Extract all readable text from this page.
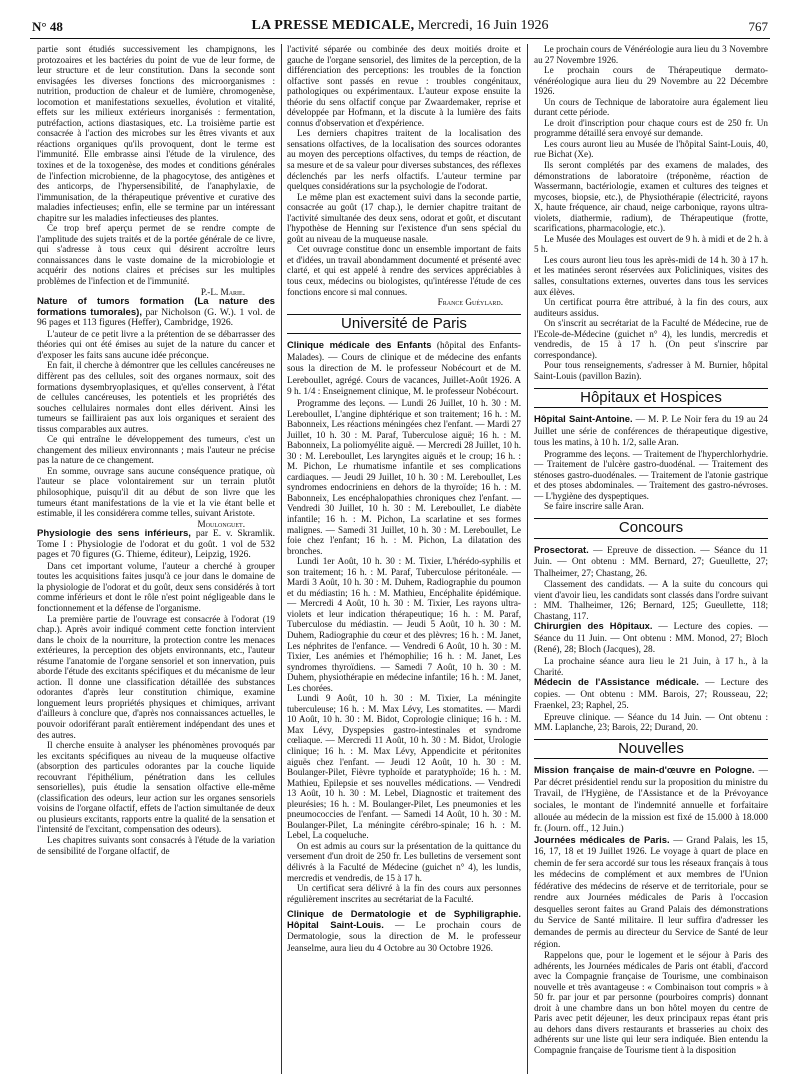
N° 48	LA PRESSE MEDICALE, Mercredi, 16 Juin 1926	767

partie sont étudiés successivement les champignons, les protozoaires et les bactéries du point de vue de leur forme, de leur structure et de leur constitution. Dans la seconde sont envisagées les diverses fonctions des microorganismes : nutrition, production de chaleur et de lumière, chromogenèse, locomotion et manifestations sexuelles, évolution et vitalité, effets sur les milieux extérieurs inorganisés : fermentation, putréfaction, actions diastasiques, etc. La troisième partie est consacrée à l'action des microbes sur les êtres vivants et aux réactions organiques qu'ils provoquent, dont le terme est l'immunité. Elle embrasse ainsi l'étude de la virulence, des toxines et de la toxogenèse, des modes et conditions générales de l'infection microbienne, de la phagocytose, des antigènes et des anticorps, de l'hypersensibilité, de l'anaphylaxie, de l'immunisation, de la thérapeutique préventive et curative des maladies infectieuses; enfin, elle se termine par un intéressant chapitre sur les maladies infectieuses des plantes.

Ce trop bref aperçu permet de se rendre compte de l'amplitude des sujets traités et de la portée générale de ce livre, qui s'adresse à tous ceux qui désirent accroître leurs connaissances dans le vaste domaine de la microbiologie et acquérir des notions claires et précises sur les multiples problèmes de l'infection et de l'immunité.

P.-L. Marie.

Nature of tumors formation (La nature des formations tumorales), par Nicholson (G. W.). 1 vol. de 96 pages et 113 figures (Heffer), Cambridge, 1926.

L'auteur de ce petit livre a la prétention de se débarrasser des théories qui ont été émises au sujet de la nature du cancer et d'exposer les faits sans aucune idée préconçue.

En fait, il cherche à démontrer que les cellules cancéreuses ne diffèrent pas des cellules, soit des organes normaux, soit des formations dysembryoplasiques, et qu'elles conservent, à l'état de cellules cancéreuses, les potentiels et les propriétés des souches cellulaires normales dont elles dérivent. Ainsi les tumeurs se failliraient pas aux lois organiques et seraient des tissus comparables aux autres.

Ce qui entraîne le développement des tumeurs, c'est un changement des milieux environnants ; mais l'auteur ne précise pas la nature de ce changement.

En somme, ouvrage sans aucune conséquence pratique, où l'auteur se place volontairement sur un terrain plutôt philosophique, puisqu'il dit au début de son livre que les tumeurs étant manifestations de la vie et la vie étant belle et estimable, il les considérera comme telles, suivant Aristote.

Moulonguet.

Physiologie des sens inférieurs, par E. v. Skramlik. Tome I : Physiologie de l'odorat et du goût. 1 vol de 532 pages et 70 figures (G. Thieme, éditeur), Leipzig, 1926.

Dans cet important volume, l'auteur a cherché à grouper toutes les acquisitions faites jusqu'à ce jour dans le domaine de la physiologie de l'odorat et du goût, deux sens considérés à tort comme inférieurs et dont le rôle n'est point négligeable dans le fonctionnement et la défense de l'organisme.

La première partie de l'ouvrage est consacrée à l'odorat (19 chap.). Après avoir indiqué comment cette fonction intervient dans le choix de la nourriture, la protection contre les menaces extérieures, la perception des objets environnants, etc., l'auteur résume l'anatomie de l'organe sensoriel et son innervation, puis aborde l'étude des excitants spécifiques et du mécanisme de leur action. Il donne une classification détaillée des substances odorantes d'après leur constitution chimique, examine longuement leurs propriétés physiques et chimiques, arrivant d'ailleurs à conclure que, d'après nos connaissances actuelles, le pouvoir odoriférant paraît entièrement indépendant des unes et des autres.

Il cherche ensuite à analyser les phénomènes provoqués par les excitants spécifiques au niveau de la muqueuse olfactive (absorption des particules odorantes par la couche liquide recouvrant l'épithélium, pénétration dans les cellules sensorielles), puis étudie la sensation olfactive elle-même (classification des odeurs, leur action sur les organes sensoriels voisins de l'organe olfactif, effets de l'action simultanée de deux ou plusieurs excitants, rapports entre la qualité de la sensation et l'intensité de l'excitant, compensation des odeurs).

Les chapitres suivants sont consacrés à l'étude de la variation de sensibilité de l'organe olfactif, de

l'activité séparée ou combinée des deux moitiés droite et gauche de l'organe sensoriel, des limites de la perception, de la différenciation des perceptions: les troubles de la fonction olfactive sont passés en revue : troubles congénitaux, pathologiques ou expérimentaux. L'auteur expose ensuite la théorie du sens olfactif conçue par Zwaardemaker, reprise et développée par Hofmann, et la discute à la lumière des faits connus d'observation et d'expérience.

Les derniers chapitres traitent de la localisation des sensations olfactives, de la localisation des sources odorantes au moyen des perceptions olfactives, du temps de réaction, de sa mesure et de sa valeur pour diverses substances, des réflexes déclenchés par les nerfs olfactifs. L'auteur termine par quelques considérations sur la psychologie de l'odorat.

Le même plan est exactement suivi dans la seconde partie, consacrée au goût (17 chap.), le dernier chapitre traitant de l'activité simultanée des deux sens, odorat et goût, et discutant l'hypothèse de Henning sur l'existence d'un sens spécial du goût au niveau de la muqueuse nasale.

Cet ouvrage constitue donc un ensemble important de faits et d'idées, un travail abondamment documenté et présenté avec clarté, et qui est appelé à rendre des services appréciables à tous ceux, médecins ou biologistes, qu'intéresse l'étude de ces fonctions encore si mal connues.

France Guéylard.

Université de Paris

Clinique médicale des Enfants (hôpital des Enfants-Malades). — Cours de clinique et de médecine des enfants sous la direction de M. le professeur Nobécourt et de M. Lereboullet, agrégé. Cours de vacances, Juillet-Août 1926. A 9 h. 1/4 : Enseignement clinique, M. le professeur Nobécourt.

Programme des leçons. — Lundi 26 Juillet, 10 h. 30 : M. Lereboullet, L'angine diphtérique et son traitement; 16 h. : M. Babonneix, Les réactions méningées chez l'enfant. — Mardi 27 Juillet, 10 h. 30 : M. Paraf, Tuberculose aiguë; 16 h. : M. Babonneix, La poliomyélite aiguë. — Mercredi 28 Juillet, 10 h. 30 : M. Lereboullet, Les laryngites aiguës et le croup; 16 h. : M. Pichon, Le rhumatisme infantile et ses complications cardiaques. — Jeudi 29 Juillet, 10 h. 30 : M. Lereboullet, Les syndromes endocriniens en dehors de la thyroïde; 16 h. : M. Babonneix, Les encéphalopathies chroniques chez l'enfant. — Vendredi 30 Juillet, 10 h. 30 : M. Lereboullet, Le diabète infantile; 16 h. : M. Pichon, La scarlatine et ses formes malignes. — Samedi 31 Juillet, 10 h. 30 : M. Lereboullet, Le foie chez l'enfant; 16 h. : M. Pichon, La dilatation des bronches.

Lundi 1er Août, 10 h. 30 : M. Tixier, L'hérédo-syphilis et son traitement; 16 h. : M. Paraf, Tuberculose péritonéale. — Mardi 3 Août, 10 h. 30 : M. Duhem, Radiographie du poumon et du médiastin; 16 h. : M. Mathieu, Encéphalite épidémique. — Mercredi 4 Août, 10 h. 30 : M. Tixier, Les rayons ultra-violets et leur indication thérapeutique; 16 h. : M. Paraf, Tuberculose du médiastin. — Jeudi 5 Août, 10 h. 30 : M. Duhem, Radiographie du cœur et des plèvres; 16 h. : M. Janet, Les néphrites de l'enfance. — Vendredi 6 Août, 10 h. 30 : M. Tixier, Les anémies et l'hémophilie; 16 h. : M. Janet, Les syndromes thyroïdiens. — Samedi 7 Août, 10 h. 30 : M. Duhem, physiothérapie en médecine infantile; 16 h. : M. Janet, Les chorées.

Lundi 9 Août, 10 h. 30 : M. Tixier, La méningite tuberculeuse; 16 h. : M. Max Lévy, Les stomatites. — Mardi 10 Août, 10 h. 30 : M. Bidot, Coprologie clinique; 16 h. : M. Max Lévy, Dyspepsies gastro-intestinales et syndrome cœliaque. — Mercredi 11 Août, 10 h. 30 : M. Bidot, Urologie clinique; 16 h. : M. Max Lévy, Appendicite et péritonites aiguës chez l'enfant. — Jeudi 12 Août, 10 h. 30 : M. Boulanger-Pilet, Fièvre typhoïde et paratyphoïde; 16 h. : M. Mathieu, Epilepsie et ses nouvelles médications. — Vendredi 13 Août, 10 h. 30 : M. Lebel, Diagnostic et traitement des pleurésies; 16 h. : M. Boulanger-Pilet, Les pneumonies et les pneumococcies de l'enfant. — Samedi 14 Août, 10 h. 30 : M. Boulanger-Pilet, La méningite cérébro-spinale; 16 h. : M. Lebel, La coqueluche.

On est admis au cours sur la présentation de la quittance du versement d'un droit de 250 fr. Les bulletins de versement sont délivrés à la Faculté de Médecine (guichet n° 4), les lundis, mercredis et vendredis, de 15 à 17 h.

Un certificat sera délivré à la fin des cours aux personnes régulièrement inscrites au secrétariat de la Faculté.

Clinique de Dermatologie et de Syphiligraphie. Hôpital Saint-Louis. — Le prochain cours de Dermatologie, sous la direction de M. le professeur Jeanselme, aura lieu du 4 Octobre au 30 Octobre 1926.

Le prochain cours de Vénéréologie aura lieu du 3 Novembre au 27 Novembre 1926.

Le prochain cours de Thérapeutique dermato-vénéréologique aura lieu du 29 Novembre au 22 Décembre 1926.

Un cours de Technique de laboratoire aura également lieu durant cette période.

Le droit d'inscription pour chaque cours est de 250 fr. Un programme détaillé sera envoyé sur demande.

Les cours auront lieu au Musée de l'hôpital Saint-Louis, 40, rue Bichat (Xe).

Ils seront complétés par des examens de malades, des démonstrations de laboratoire (tréponème, réaction de Wassermann, bactériologie, examen et cultures des teignes et mycoses, biopsie, etc.), de Physiothérapie (électricité, rayons X, haute fréquence, air chaud, neige carbonique, rayons ultra-violets, diathermie, radium), de Thérapeutique (frotte, scarifications, pharmacologie, etc.).

Le Musée des Moulages est ouvert de 9 h. à midi et de 2 h. à 5 h.

Les cours auront lieu tous les après-midi de 14 h. 30 à 17 h. et les matinées seront réservées aux Policliniques, visites des salles, consultations externes, ouvertes dans tous les services aux élèves.

Un certificat pourra être attribué, à la fin des cours, aux auditeurs assidus.

On s'inscrit au secrétariat de la Faculté de Médecine, rue de l'Ecole-de-Médecine (guichet n° 4), les lundis, mercredis et vendredis, de 15 à 17 h. (On peut s'inscrire par correspondance).

Pour tous renseignements, s'adresser à M. Burnier, hôpital Saint-Louis (pavillon Bazin).

Hôpitaux et Hospices

Hôpital Saint-Antoine. — M. P. Le Noir fera du 19 au 24 Juillet une série de conférences de thérapeutique digestive, tous les matins, à 10 h. 1/2, salle Aran.

Programme des leçons. — Traitement de l'hyperchlorhydrie. — Traitement de l'ulcère gastro-duodénal. — Traitement des sténoses gastro-duodénales. — Traitement de l'atonie gastrique et des ptoses abdominales. — Traitement des gastro-névroses. — L'hygiène des dyspeptiques.

Se faire inscrire salle Aran.

Concours

Prosectorat. — Epreuve de dissection. — Séance du 11 Juin. — Ont obtenu : MM. Bernard, 27; Gueullette, 27; Thalheimer, 27; Chastang, 26.

Classement des candidats. — A la suite du concours qui vient d'avoir lieu, les candidats sont classés dans l'ordre suivant : MM. Thalheimer, 126; Bernard, 125; Gueullette, 118; Chastang, 117.

Chirurgien des Hôpitaux. — Lecture des copies. — Séance du 11 Juin. — Ont obtenu : MM. Monod, 27; Bloch (René), 28; Bloch (Jacques), 28.

La prochaine séance aura lieu le 21 Juin, à 17 h., à la Charité.

Médecin de l'Assistance médicale. — Lecture des copies. — Ont obtenu : MM. Barois, 27; Rousseau, 22; Fraenkel, 23; Raphel, 25.

Epreuve clinique. — Séance du 14 Juin. — Ont obtenu : MM. Laplanche, 23; Barois, 22; Durand, 20.

Nouvelles

Mission française de main-d'œuvre en Pologne. — Par décret présidentiel rendu sur la proposition du ministre du Travail, de l'Hygiène, de l'Assistance et de la Prévoyance sociales, le montant de l'indemnité annuelle et forfaitaire allouée au médecin de la mission est fixé de 15.000 à 18.000 fr. (Journ. off., 12 Juin.)

Journées médicales de Paris. — Grand Palais, les 15, 16, 17, 18 et 19 Juillet 1926. Le voyage à quart de place en chemin de fer sera accordé sur tous les réseaux français à tous les médecins de complément et aux membres de l'Union fédérative des médecins de réserve et de territoriale, pour se rendre aux Journées médicales de Paris à l'occasion desquelles seront faites au Grand Palais des démonstrations du Service de Santé militaire. Il leur suffira d'adresser les demandes de permis au directeur du Service de Santé de leur région.

Rappelons que, pour le logement et le séjour à Paris des adhérents, les Journées médicales de Paris ont établi, d'accord avec la Compagnie française de Tourisme, une combinaison nouvelle et très avantageuse : « Combinaison tout compris » à 50 fr. par jour et par personne (pourboires compris) donnant droit à une chambre dans un bon hôtel moyen du centre de Paris avec petit déjeuner, les deux principaux repas étant pris au dehors dans divers restaurants et brasseries au choix des adhérents sur une liste qui leur sera indiquée. Bien entendu la Compagnie française de Tourisme tient à la disposition
